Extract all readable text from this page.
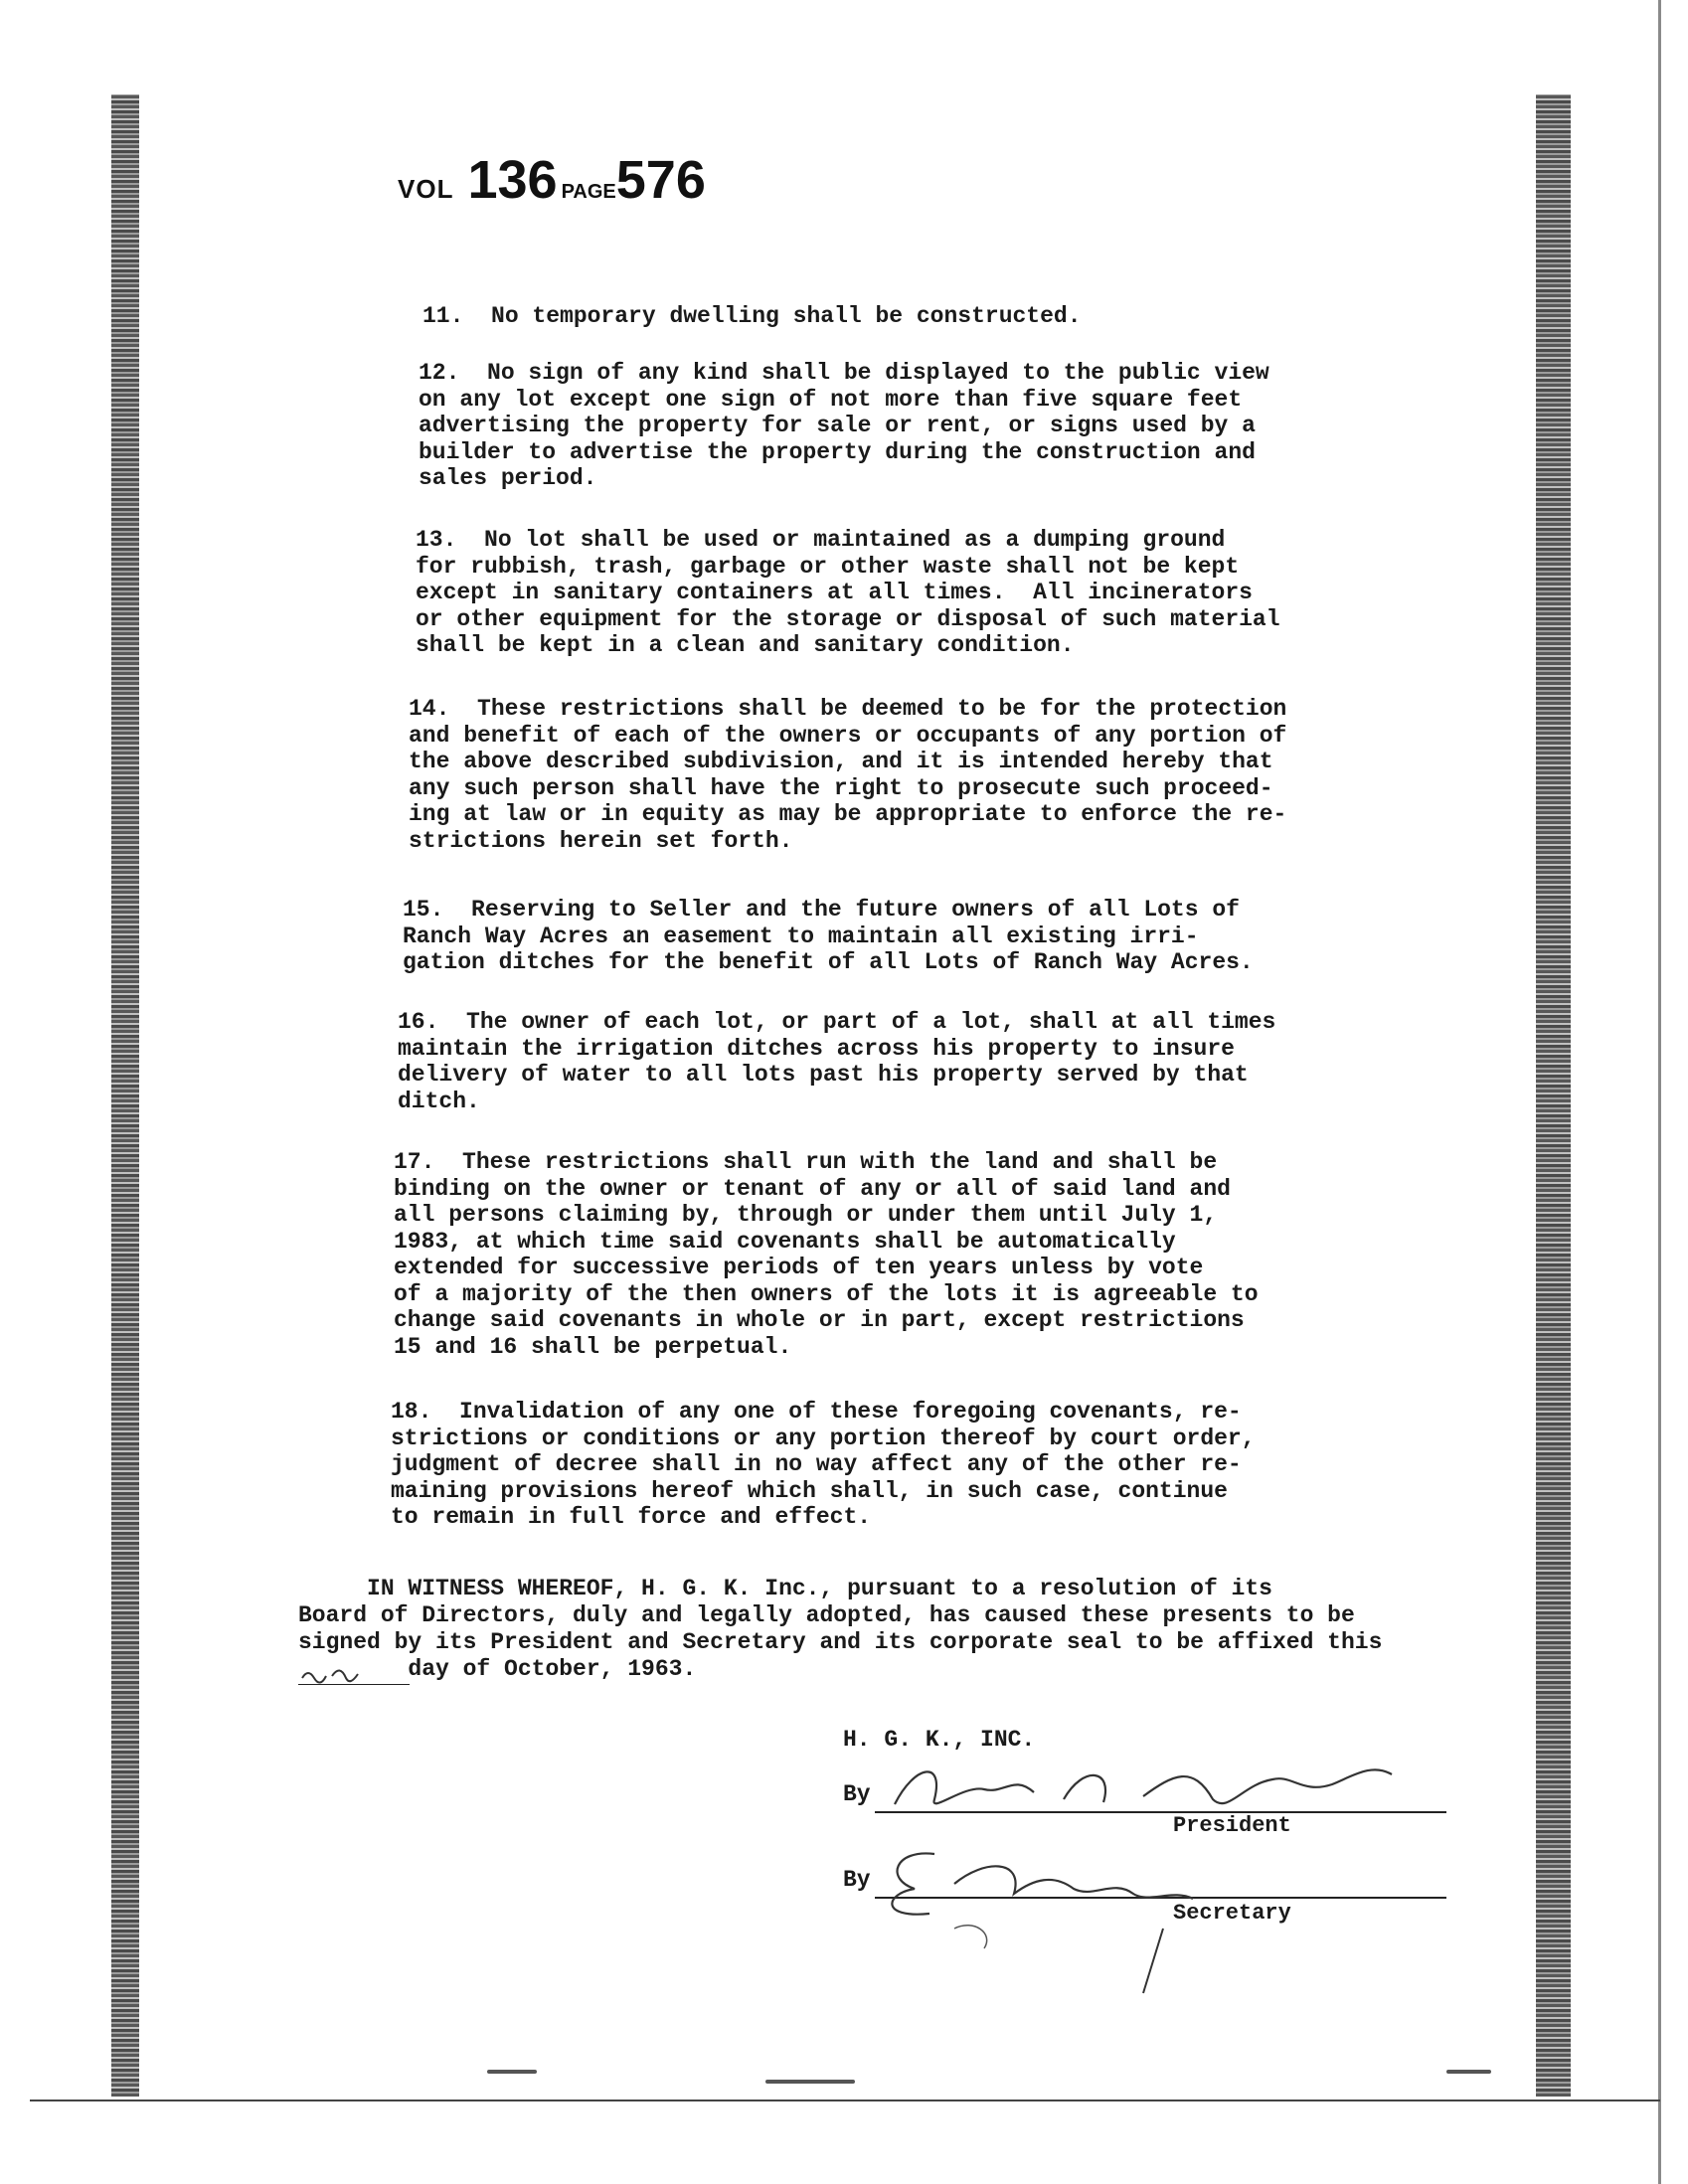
VOL 136 PAGE 576
11.  No temporary dwelling shall be constructed.
12.  No sign of any kind shall be displayed to the public view
on any lot except one sign of not more than five square feet
advertising the property for sale or rent, or signs used by a
builder to advertise the property during the construction and
sales period.
13.  No lot shall be used or maintained as a dumping ground
for rubbish, trash, garbage or other waste shall not be kept
except in sanitary containers at all times.  All incinerators
or other equipment for the storage or disposal of such material
shall be kept in a clean and sanitary condition.
14.  These restrictions shall be deemed to be for the protection
and benefit of each of the owners or occupants of any portion of
the above described subdivision, and it is intended hereby that
any such person shall have the right to prosecute such proceed-
ing at law or in equity as may be appropriate to enforce the re-
strictions herein set forth.
15.  Reserving to Seller and the future owners of all Lots of
Ranch Way Acres an easement to maintain all existing irri-
gation ditches for the benefit of all Lots of Ranch Way Acres.
16.  The owner of each lot, or part of a lot, shall at all times
maintain the irrigation ditches across his property to insure
delivery of water to all lots past his property served by that
ditch.
17.  These restrictions shall run with the land and shall be
binding on the owner or tenant of any or all of said land and
all persons claiming by, through or under them until July 1,
1983, at which time said covenants shall be automatically
extended for successive periods of ten years unless by vote
of a majority of the then owners of the lots it is agreeable to
change said covenants in whole or in part, except restrictions
15 and 16 shall be perpetual.
18.  Invalidation of any one of these foregoing covenants, re-
strictions or conditions or any portion thereof by court order,
judgment of decree shall in no way affect any of the other re-
maining provisions hereof which shall, in such case, continue
to remain in full force and effect.
IN WITNESS WHEREOF, H. G. K. Inc., pursuant to a resolution of its
Board of Directors, duly and legally adopted, has caused these presents to be
signed by its President and Secretary and its corporate seal to be affixed this
day of October, 1963.
H. G. K., INC.
By
President
By
Secretary
